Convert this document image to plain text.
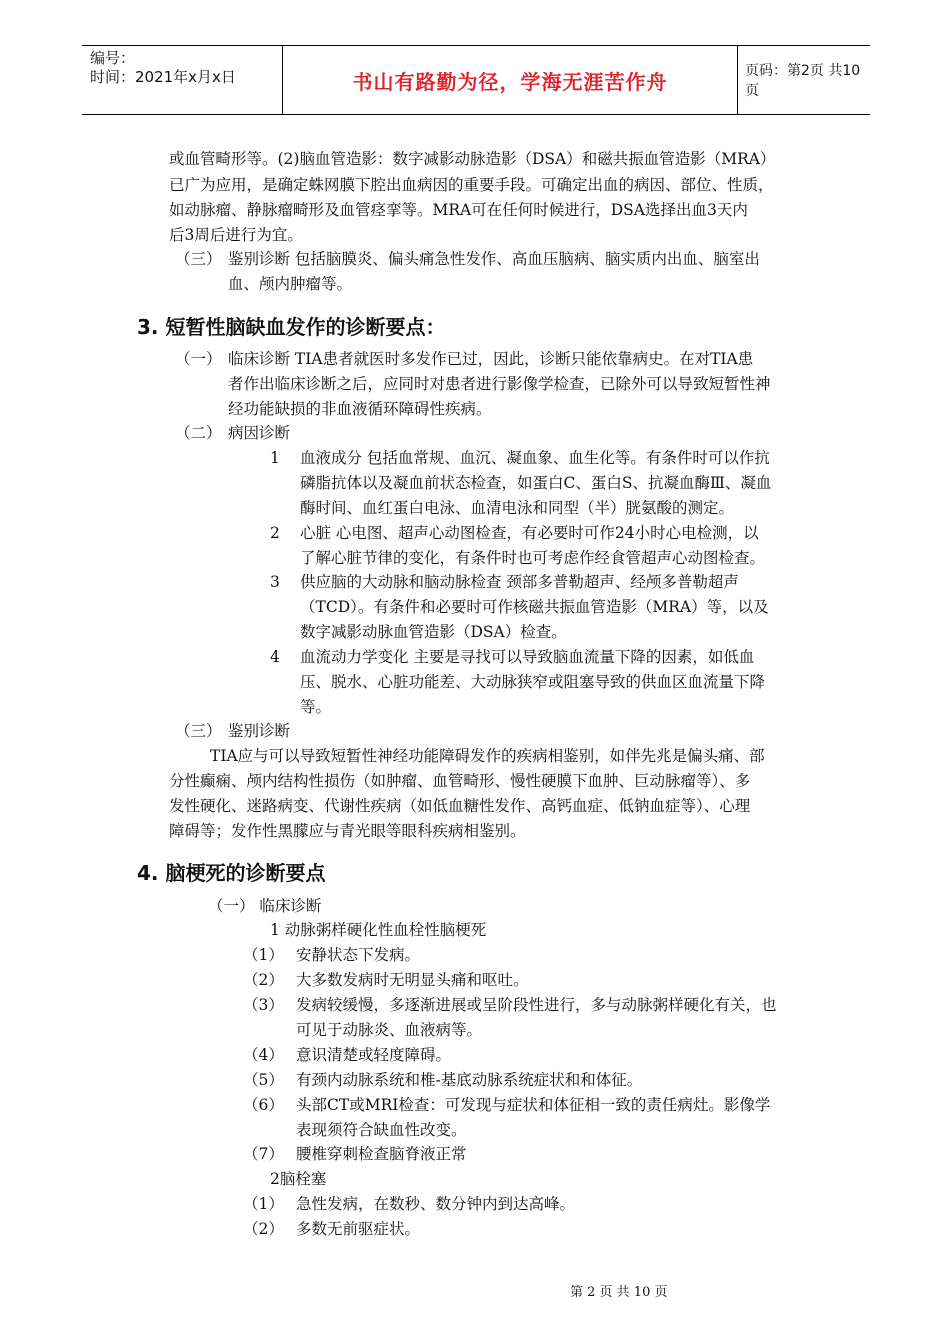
编号：
时间：2021年x月x日	书山有路勤为径，学海无涯苦作舟	页码：第2页 共10页
或血管畸形等。(2)脑血管造影：数字减影动脉造影（DSA）和磁共振血管造影（MRA）
已广为应用，是确定蛛网膜下腔出血病因的重要手段。可确定出血的病因、部位、性质，
如动脉瘤、静脉瘤畸形及血管痉挛等。MRA可在任何时候进行，DSA选择出血3天内
后3周后进行为宜。
（三） 鉴别诊断 包括脑膜炎、偏头痛急性发作、高血压脑病、脑实质内出血、脑室出
血、颅内肿瘤等。
3. 短暂性脑缺血发作的诊断要点：
（一） 临床诊断 TIA患者就医时多发作已过，因此，诊断只能依靠病史。在对TIA患
者作出临床诊断之后，应同时对患者进行影像学检查，已除外可以导致短暂性神
经功能缺损的非血液循环障碍性疾病。
（二） 病因诊断
1 血液成分 包括血常规、血沉、凝血象、血生化等。有条件时可以作抗
磷脂抗体以及凝血前状态检查，如蛋白C、蛋白S、抗凝血酶Ⅲ、凝血
酶时间、血红蛋白电泳、血清电泳和同型（半）胱氨酸的测定。
2 心脏 心电图、超声心动图检查，有必要时可作24小时心电检测，以
了解心脏节律的变化，有条件时也可考虑作经食管超声心动图检查。
3 供应脑的大动脉和脑动脉检查 颈部多普勒超声、经颅多普勒超声
（TCD）。有条件和必要时可作核磁共振血管造影（MRA）等，以及
数字减影动脉血管造影（DSA）检查。
4 血流动力学变化 主要是寻找可以导致脑血流量下降的因素，如低血
压、脱水、心脏功能差、大动脉狭窄或阻塞导致的供血区血流量下降
等。
（三） 鉴别诊断
TIA应与可以导致短暂性神经功能障碍发作的疾病相鉴别，如伴先兆是偏头痛、部
分性癫痫、颅内结构性损伤（如肿瘤、血管畸形、慢性硬膜下血肿、巨动脉瘤等）、多
发性硬化、迷路病变、代谢性疾病（如低血糖性发作、高钙血症、低钠血症等）、心理
障碍等；发作性黑朦应与青光眼等眼科疾病相鉴别。
4. 脑梗死的诊断要点
（一） 临床诊断
1 动脉粥样硬化性血栓性脑梗死
（1） 安静状态下发病。
（2） 大多数发病时无明显头痛和呕吐。
（3） 发病较缓慢，多逐渐进展或呈阶段性进行，多与动脉粥样硬化有关，也
可见于动脉炎、血液病等。
（4） 意识清楚或轻度障碍。
（5） 有颈内动脉系统和椎-基底动脉系统症状和和体征。
（6） 头部CT或MRI检查：可发现与症状和体征相一致的责任病灶。影像学
表现须符合缺血性改变。
（7） 腰椎穿刺检查脑脊液正常
2脑栓塞
（1） 急性发病，在数秒、数分钟内到达高峰。
（2） 多数无前驱症状。
第 2 页 共 10 页
